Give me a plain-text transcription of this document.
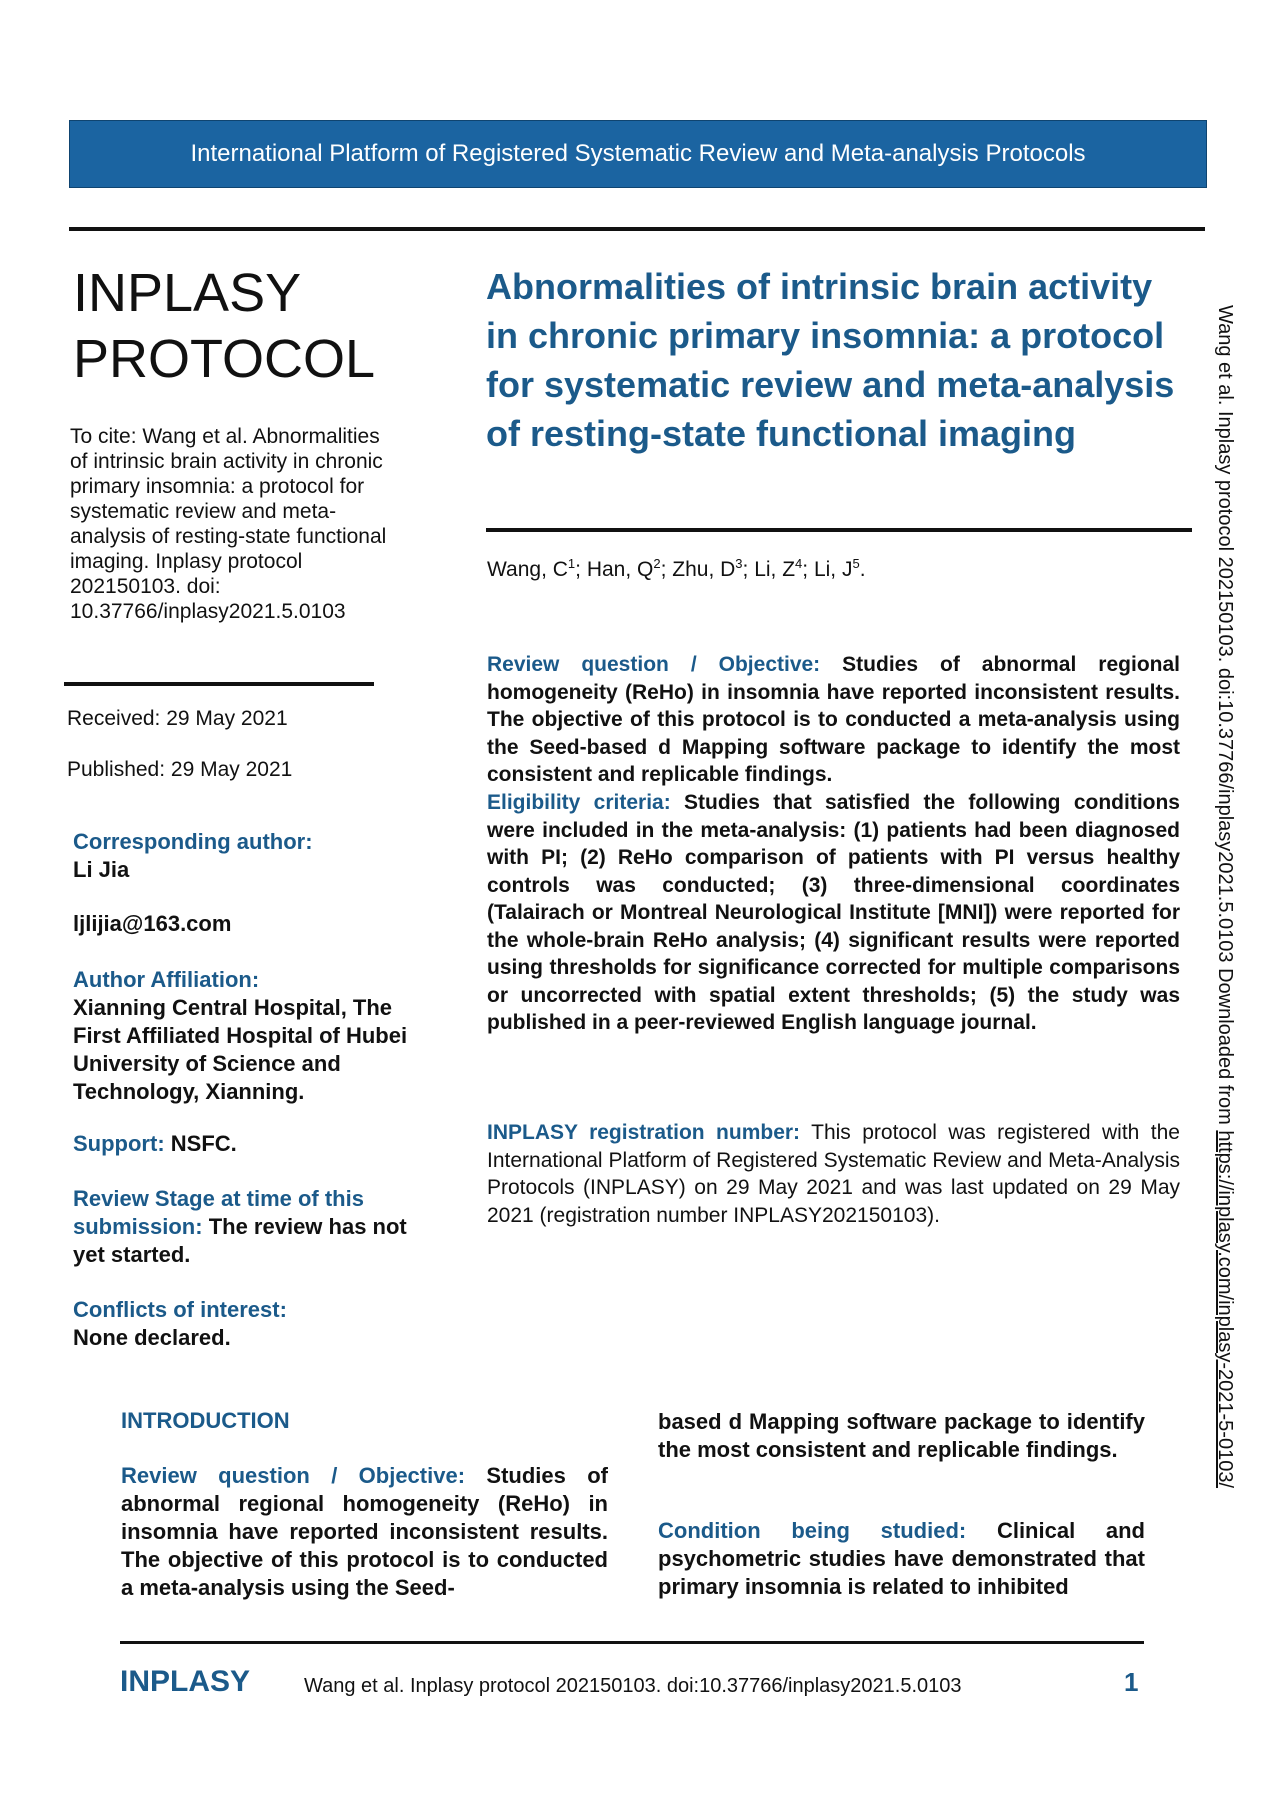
International Platform of Registered Systematic Review and Meta-analysis Protocols
INPLASY
PROTOCOL
To cite: Wang et al. Abnormalities of intrinsic brain activity in chronic primary insomnia: a protocol for systematic review and meta-analysis of resting-state functional imaging. Inplasy protocol 202150103. doi: 10.37766/inplasy2021.5.0103
Received: 29 May 2021
Published: 29 May 2021
Corresponding author:
Li Jia
ljlijia@163.com
Author Affiliation:
Xianning Central Hospital, The First Affiliated Hospital of Hubei University of Science and Technology, Xianning.
Support: NSFC.
Review Stage at time of this submission: The review has not yet started.
Conflicts of interest:
None declared.
Abnormalities of intrinsic brain activity in chronic primary insomnia: a protocol for systematic review and meta-analysis of resting-state functional imaging
Wang, $C^1$; Han, $Q^2$; Zhu, $D^3$; Li, $Z^4$; Li, $J^5$.
Review question / Objective: Studies of abnormal regional homogeneity (ReHo) in insomnia have reported inconsistent results. The objective of this protocol is to conducted a meta-analysis using the Seed-based d Mapping software package to identify the most consistent and replicable findings.
Eligibility criteria: Studies that satisfied the following conditions were included in the meta-analysis: (1) patients had been diagnosed with PI; (2) ReHo comparison of patients with PI versus healthy controls was conducted; (3) three-dimensional coordinates (Talairach or Montreal Neurological Institute [MNI]) were reported for the whole-brain ReHo analysis; (4) significant results were reported using thresholds for significance corrected for multiple comparisons or uncorrected with spatial extent thresholds; (5) the study was published in a peer-reviewed English language journal.
INPLASY registration number: This protocol was registered with the International Platform of Registered Systematic Review and Meta-Analysis Protocols (INPLASY) on 29 May 2021 and was last updated on 29 May 2021 (registration number INPLASY202150103).
INTRODUCTION
Review question / Objective: Studies of abnormal regional homogeneity (ReHo) in insomnia have reported inconsistent results. The objective of this protocol is to conducted a meta-analysis using the Seed-
based d Mapping software package to identify the most consistent and replicable findings.
Condition being studied: Clinical and psychometric studies have demonstrated that primary insomnia is related to inhibited
INPLASY	Wang et al. Inplasy protocol 202150103. doi:10.37766/inplasy2021.5.0103	1
Wang et al. Inplasy protocol 202150103. doi:10.37766/inplasy2021.5.0103 Downloaded from https://inplasy.com/inplasy-2021-5-0103/
